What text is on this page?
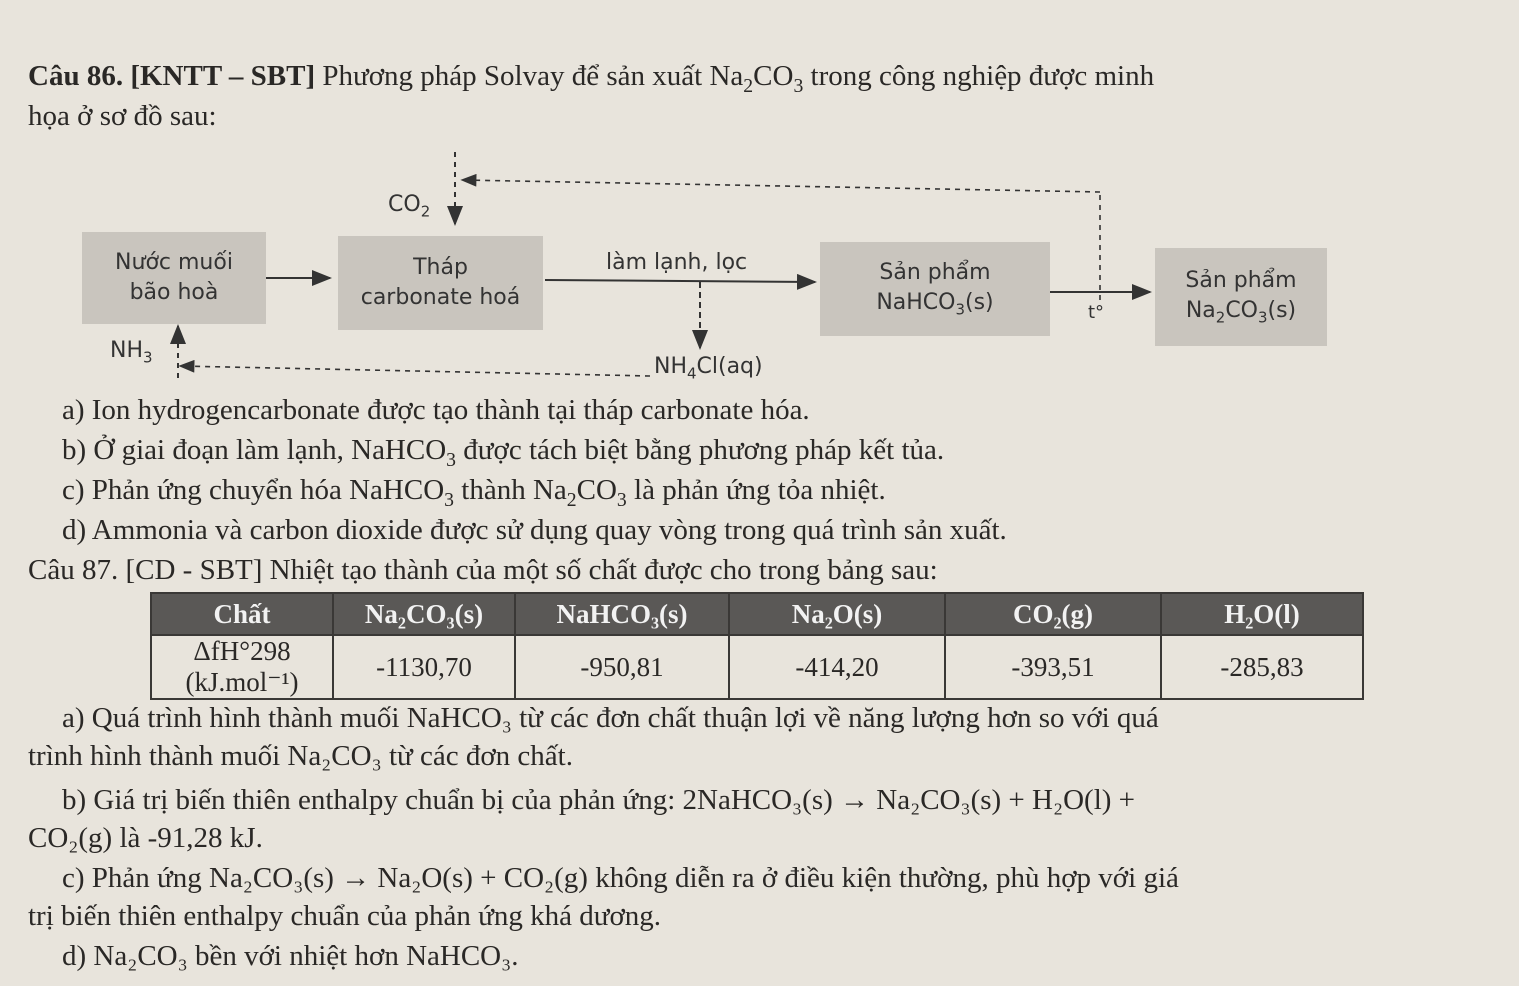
Câu 86. [KNTT – SBT] Phương pháp Solvay để sản xuất $Na_2CO_3$ trong công nghiệp được minh
họa ở sơ đồ sau:
$CO_2$
Nước muối
bão hoà
$NH_3$
Tháp
carbonate hoá
làm lạnh, lọc	Sản phẩm
NaHCO$_3$(s)	t°
Sản phẩm
$Na_2CO_3(s)$
$NH_4Cl(aq)$
a) Ion hydrogencarbonate được tạo thành tại tháp carbonate hóa.
b) Ở giai đoạn làm lạnh, NaHCO$_3$ được tách biệt bằng phương pháp kết tủa.
c) Phản ứng chuyển hóa NaHCO$_3$ thành $Na_2CO_3$ là phản ứng tỏa nhiệt.
d) Ammonia và carbon dioxide được sử dụng quay vòng trong quá trình sản xuất.
Câu 87. [CD - SBT] Nhiệt tạo thành của một số chất được cho trong bảng sau:
Chất	Na₂CO₃(s)	NaHCO₃(s)	Na₂O(s)	CO₂(g)	H₂O(l)
ΔfH°298 (kJ.mol⁻¹)	-1130,70	-950,81	-414,20	-393,51	-285,83
a) Quá trình hình thành muối NaHCO₃ từ các đơn chất thuận lợi về năng lượng hơn so với quá
trình hình thành muối Na₂CO₃ từ các đơn chất.
b) Giá trị biến thiên enthalpy chuẩn bị của phản ứng: 2NaHCO₃(s) → Na₂CO₃(s) + H₂O(l) +
CO₂(g) là -91,28 kJ.
c) Phản ứng Na₂CO₃(s) → Na₂O(s) + CO₂(g) không diễn ra ở điều kiện thường, phù hợp với giá
trị biến thiên enthalpy chuẩn của phản ứng khá dương.
d) Na₂CO₃ bền với nhiệt hơn NaHCO₃.
